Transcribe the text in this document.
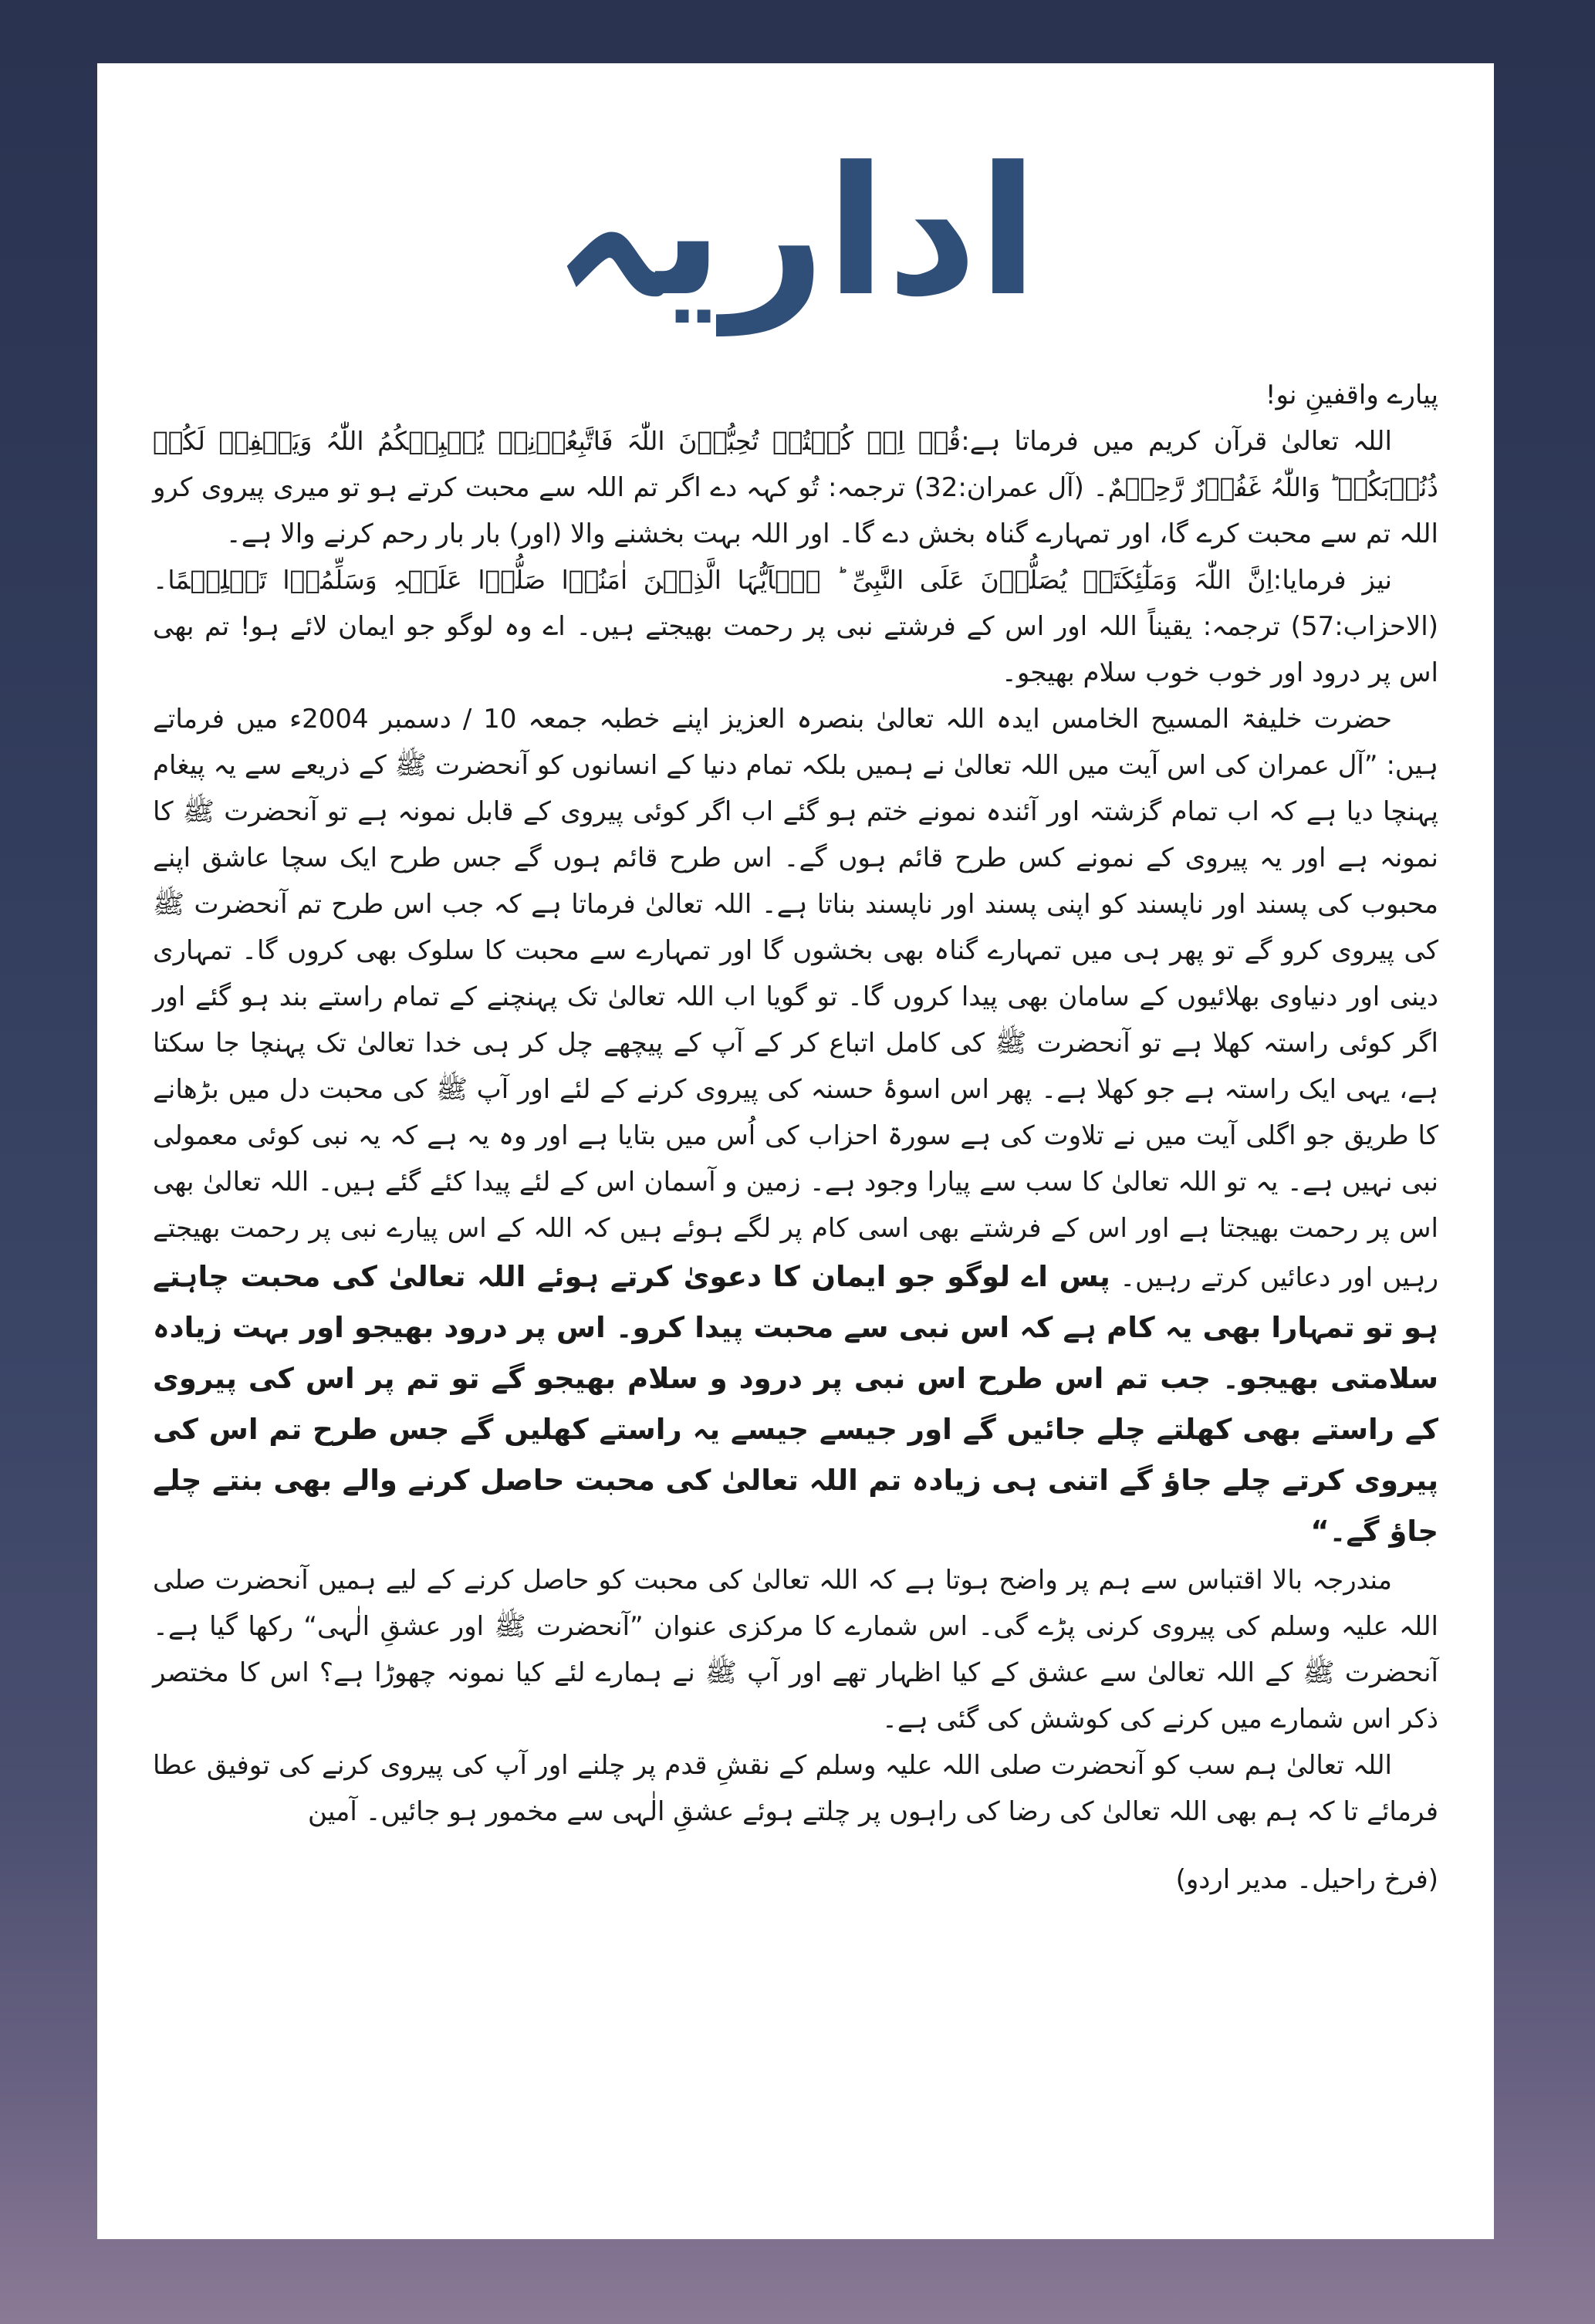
اداریہ

پیارے واقفینِ نو!

اللہ تعالیٰ قرآن کریم میں فرماتا ہے:قُلۡ اِنۡ کُنۡتُمۡ تُحِبُّوۡنَ اللّٰہَ فَاتَّبِعُوۡنِیۡ یُحۡبِبۡکُمُ اللّٰہُ وَیَغۡفِرۡ لَکُمۡ ذُنُوۡبَکُمۡ ؕ وَاللّٰہُ غَفُوۡرٌ رَّحِیۡمٌ۔ (آل عمران:32) ترجمہ: تُو کہہ دے اگر تم اللہ سے محبت کرتے ہو تو میری پیروی کرو اللہ تم سے محبت کرے گا، اور تمہارے گناہ بخش دے گا۔ اور اللہ بہت بخشنے والا (اور) بار بار رحم کرنے والا ہے۔

نیز فرمایا:اِنَّ اللّٰہَ وَمَلٰٓئِکَتَہٗ یُصَلُّوۡنَ عَلَی النَّبِیِّ ؕ یٰۤاَیُّہَا الَّذِیۡنَ اٰمَنُوۡا صَلُّوۡا عَلَیۡہِ وَسَلِّمُوۡا تَسۡلِیۡمًا۔ (الاحزاب:57) ترجمہ: یقیناً اللہ اور اس کے فرشتے نبی پر رحمت بھیجتے ہیں۔ اے وہ لوگو جو ایمان لائے ہو! تم بھی اس پر درود اور خوب خوب سلام بھیجو۔

حضرت خلیفۃ المسیح الخامس ایدہ اللہ تعالیٰ بنصرہ العزیز اپنے خطبہ جمعہ 10 / دسمبر 2004ء میں فرماتے ہیں: ”آل عمران کی اس آیت میں اللہ تعالیٰ نے ہمیں بلکہ تمام دنیا کے انسانوں کو آنحضرت ﷺ کے ذریعے سے یہ پیغام پہنچا دیا ہے کہ اب تمام گزشتہ اور آئندہ نمونے ختم ہو گئے اب اگر کوئی پیروی کے قابل نمونہ ہے تو آنحضرت ﷺ کا نمونہ ہے اور یہ پیروی کے نمونے کس طرح قائم ہوں گے۔ اس طرح قائم ہوں گے جس طرح ایک سچا عاشق اپنے محبوب کی پسند اور ناپسند کو اپنی پسند اور ناپسند بناتا ہے۔ اللہ تعالیٰ فرماتا ہے کہ جب اس طرح تم آنحضرت ﷺ کی پیروی کرو گے تو پھر ہی میں تمہارے گناہ بھی بخشوں گا اور تمہارے سے محبت کا سلوک بھی کروں گا۔ تمہاری دینی اور دنیاوی بھلائیوں کے سامان بھی پیدا کروں گا۔ تو گویا اب اللہ تعالیٰ تک پہنچنے کے تمام راستے بند ہو گئے اور اگر کوئی راستہ کھلا ہے تو آنحضرت ﷺ کی کامل اتباع کر کے آپ کے پیچھے چل کر ہی خدا تعالیٰ تک پہنچا جا سکتا ہے، یہی ایک راستہ ہے جو کھلا ہے۔ پھر اس اسوۂ حسنہ کی پیروی کرنے کے لئے اور آپ ﷺ کی محبت دل میں بڑھانے کا طریق جو اگلی آیت میں نے تلاوت کی ہے سورۃ احزاب کی اُس میں بتایا ہے اور وہ یہ ہے کہ یہ نبی کوئی معمولی نبی نہیں ہے۔ یہ تو اللہ تعالیٰ کا سب سے پیارا وجود ہے۔ زمین و آسمان اس کے لئے پیدا کئے گئے ہیں۔ اللہ تعالیٰ بھی اس پر رحمت بھیجتا ہے اور اس کے فرشتے بھی اسی کام پر لگے ہوئے ہیں کہ اللہ کے اس پیارے نبی پر رحمت بھیجتے رہیں اور دعائیں کرتے رہیں۔ پس اے لوگو جو ایمان کا دعویٰ کرتے ہوئے اللہ تعالیٰ کی محبت چاہتے ہو تو تمہارا بھی یہ کام ہے کہ اس نبی سے محبت پیدا کرو۔ اس پر درود بھیجو اور بہت زیادہ سلامتی بھیجو۔ جب تم اس طرح اس نبی پر درود و سلام بھیجو گے تو تم پر اس کی پیروی کے راستے بھی کھلتے چلے جائیں گے اور جیسے جیسے یہ راستے کھلیں گے جس طرح تم اس کی پیروی کرتے چلے جاؤ گے اتنی ہی زیادہ تم اللہ تعالیٰ کی محبت حاصل کرنے والے بھی بنتے چلے جاؤ گے۔“

مندرجہ بالا اقتباس سے ہم پر واضح ہوتا ہے کہ اللہ تعالیٰ کی محبت کو حاصل کرنے کے لیے ہمیں آنحضرت صلی اللہ علیہ وسلم کی پیروی کرنی پڑے گی۔ اس شمارے کا مرکزی عنوان ”آنحضرت ﷺ اور عشقِ الٰہی“ رکھا گیا ہے۔ آنحضرت ﷺ کے اللہ تعالیٰ سے عشق کے کیا اظہار تھے اور آپ ﷺ نے ہمارے لئے کیا نمونہ چھوڑا ہے؟ اس کا مختصر ذکر اس شمارے میں کرنے کی کوشش کی گئی ہے۔

اللہ تعالیٰ ہم سب کو آنحضرت صلی اللہ علیہ وسلم کے نقشِ قدم پر چلنے اور آپ کی پیروی کرنے کی توفیق عطا فرمائے تا کہ ہم بھی اللہ تعالیٰ کی رضا کی راہوں پر چلتے ہوئے عشقِ الٰہی سے مخمور ہو جائیں۔ آمین

(فرخ راحیل۔ مدیر اردو)
